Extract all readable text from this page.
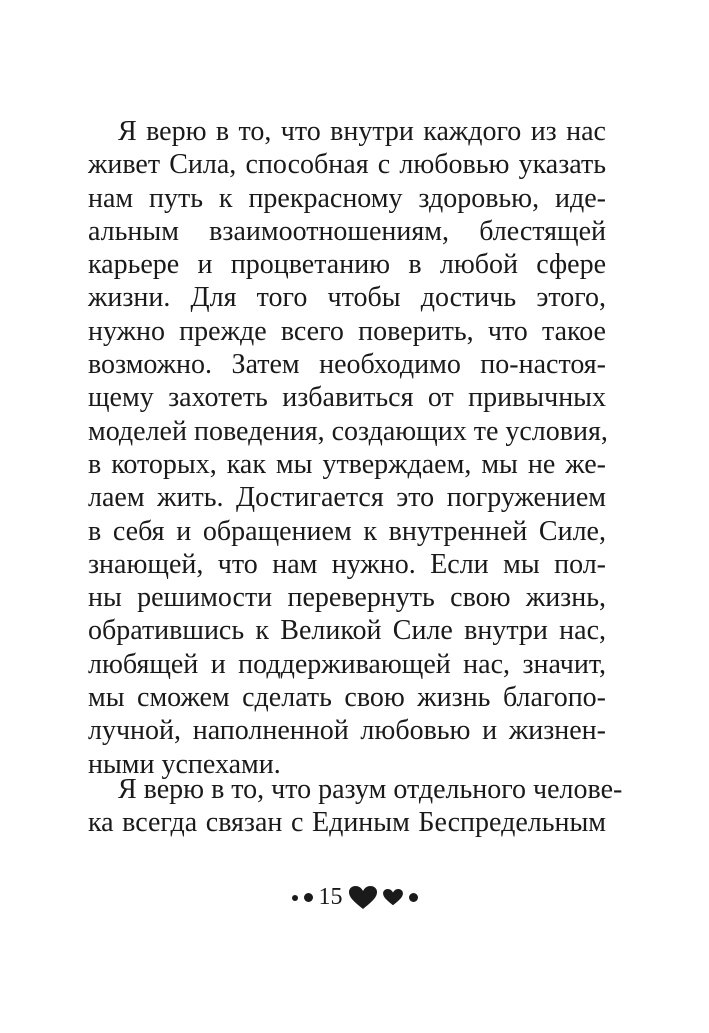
Я верю в то, что внутри каждого из нас
живет Сила, способная с любовью указать
нам путь к прекрасному здоровью, иде-
альным взаимоотношениям, блестящей
карьере и процветанию в любой сфере
жизни. Для того чтобы достичь этого,
нужно прежде всего поверить, что такое
возможно. Затем необходимо по-настоя-
щему захотеть избавиться от привычных
моделей поведения, создающих те условия,
в которых, как мы утверждаем, мы не же-
лаем жить. Достигается это погружением
в себя и обращением к внутренней Силе,
знающей, что нам нужно. Если мы пол-
ны решимости перевернуть свою жизнь,
обратившись к Великой Силе внутри нас,
любящей и поддерживающей нас, значит,
мы сможем сделать свою жизнь благопо-
лучной, наполненной любовью и жизнен-
ными успехами.
Я верю в то, что разум отдельного челове-
ка всегда связан с Единым Беспредельным
15
